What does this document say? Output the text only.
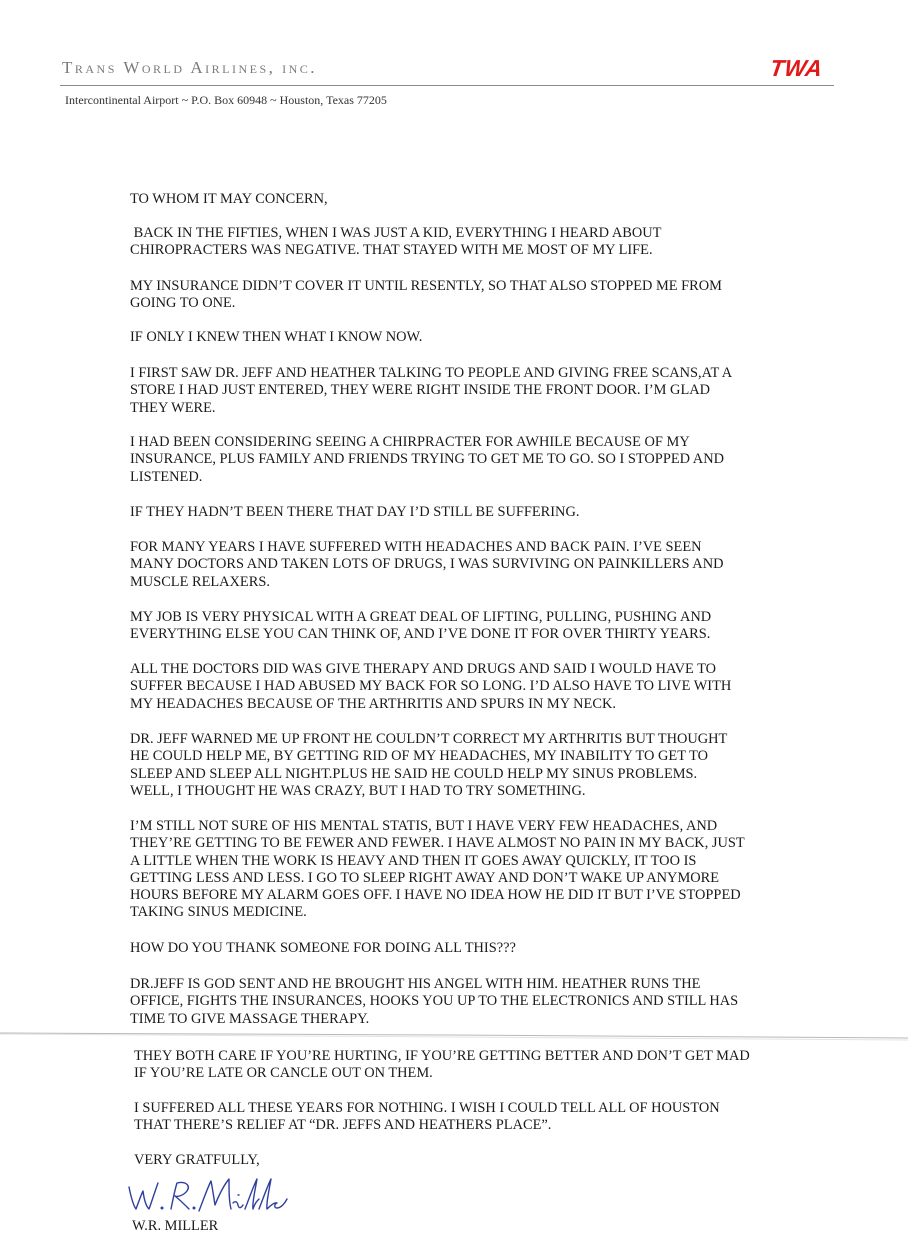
Trans World Airlines, inc.	TWA
Intercontinental Airport ~ P.O. Box 60948 ~ Houston, Texas 77205
TO WHOM IT MAY CONCERN,
BACK IN THE FIFTIES, WHEN I WAS JUST A KID, EVERYTHING I HEARD ABOUT
CHIROPRACTERS WAS NEGATIVE. THAT STAYED WITH ME MOST OF MY LIFE.
MY INSURANCE DIDN’T COVER IT UNTIL RESENTLY, SO THAT ALSO STOPPED ME FROM
GOING TO ONE.
IF ONLY I KNEW THEN WHAT I KNOW NOW.
I FIRST SAW DR. JEFF AND HEATHER TALKING TO PEOPLE AND GIVING FREE SCANS,AT A
STORE I HAD JUST ENTERED, THEY WERE RIGHT INSIDE THE FRONT DOOR. I’M GLAD
THEY WERE.
I HAD BEEN CONSIDERING SEEING A CHIRPRACTER FOR AWHILE BECAUSE OF MY
INSURANCE, PLUS FAMILY AND FRIENDS TRYING TO GET ME TO GO. SO I STOPPED AND
LISTENED.
IF THEY HADN’T BEEN THERE THAT DAY I’D STILL BE SUFFERING.
FOR MANY YEARS I HAVE SUFFERED WITH HEADACHES AND BACK PAIN. I’VE SEEN
MANY DOCTORS AND TAKEN LOTS OF DRUGS, I WAS SURVIVING ON PAINKILLERS AND
MUSCLE RELAXERS.
MY JOB IS VERY PHYSICAL WITH A GREAT DEAL OF LIFTING, PULLING, PUSHING AND
EVERYTHING ELSE YOU CAN THINK OF, AND I’VE DONE IT FOR OVER THIRTY YEARS.
ALL THE DOCTORS DID WAS GIVE THERAPY AND DRUGS AND SAID I WOULD HAVE TO
SUFFER BECAUSE I HAD ABUSED MY BACK FOR SO LONG. I’D ALSO HAVE TO LIVE WITH
MY HEADACHES BECAUSE OF THE ARTHRITIS AND SPURS IN MY NECK.
DR. JEFF WARNED ME UP FRONT HE COULDN’T CORRECT MY ARTHRITIS BUT THOUGHT
HE COULD HELP ME, BY GETTING RID OF MY HEADACHES, MY INABILITY TO GET TO
SLEEP AND SLEEP ALL NIGHT.PLUS HE SAID HE COULD HELP MY SINUS PROBLEMS.
WELL, I THOUGHT HE WAS CRAZY, BUT I HAD TO TRY SOMETHING.
I’M STILL NOT SURE OF HIS MENTAL STATIS, BUT I HAVE VERY FEW HEADACHES, AND
THEY’RE GETTING TO BE FEWER AND FEWER. I HAVE ALMOST NO PAIN IN MY BACK, JUST
A LITTLE WHEN THE WORK IS HEAVY AND THEN IT GOES AWAY QUICKLY, IT TOO IS
GETTING LESS AND LESS. I GO TO SLEEP RIGHT AWAY AND DON’T WAKE UP ANYMORE
HOURS BEFORE MY ALARM GOES OFF. I HAVE NO IDEA HOW HE DID IT BUT I’VE STOPPED
TAKING SINUS MEDICINE.
HOW DO YOU THANK SOMEONE FOR DOING ALL THIS???
DR.JEFF IS GOD SENT AND HE BROUGHT HIS ANGEL WITH HIM. HEATHER RUNS THE
OFFICE, FIGHTS THE INSURANCES, HOOKS YOU UP TO THE ELECTRONICS AND STILL HAS
TIME TO GIVE MASSAGE THERAPY.
THEY BOTH CARE IF YOU’RE HURTING, IF YOU’RE GETTING BETTER AND DON’T GET MAD
IF YOU’RE LATE OR CANCLE OUT ON THEM.
I SUFFERED ALL THESE YEARS FOR NOTHING. I WISH I COULD TELL ALL OF HOUSTON
THAT THERE’S RELIEF AT “DR. JEFFS AND HEATHERS PLACE”.
VERY GRATFULLY,
W.R. MILLER
